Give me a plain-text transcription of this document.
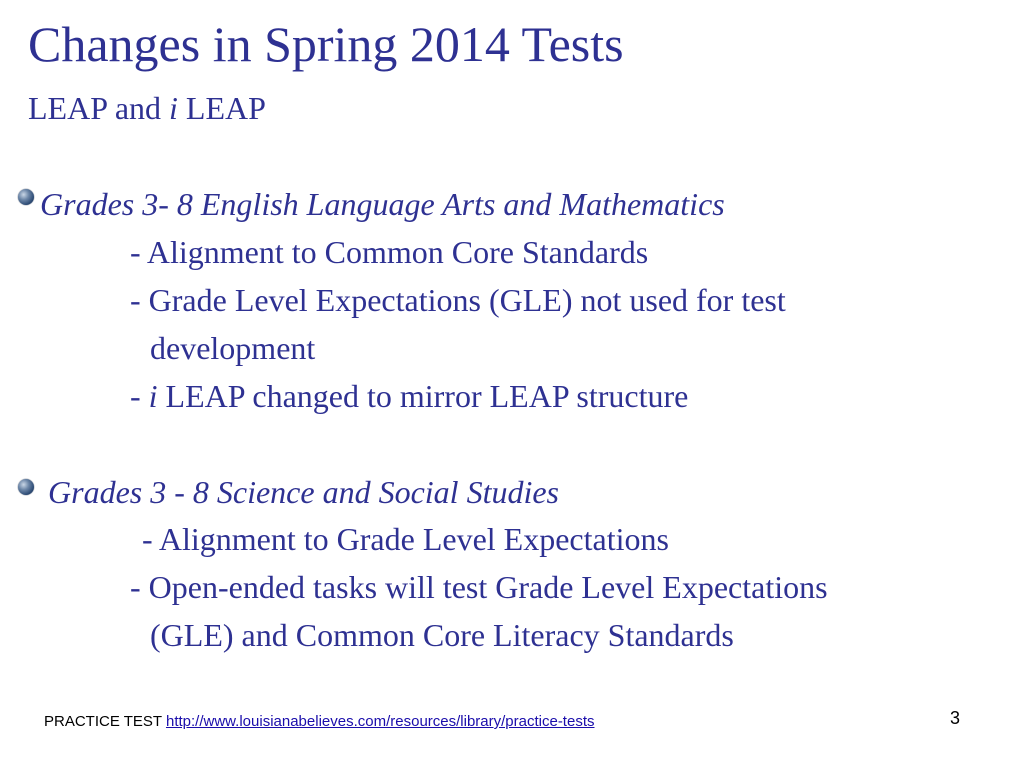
Changes in Spring 2014 Tests
LEAP and i LEAP
Grades 3- 8 English Language Arts and Mathematics
- Alignment to Common Core Standards
- Grade Level Expectations (GLE) not used for test
development
- i LEAP changed to mirror LEAP structure
Grades 3 - 8 Science and Social Studies
- Alignment to Grade Level Expectations
- Open-ended tasks will test Grade Level Expectations
(GLE) and Common Core Literacy Standards
PRACTICE TEST http://www.louisianabelieves.com/resources/library/practice-tests	3
